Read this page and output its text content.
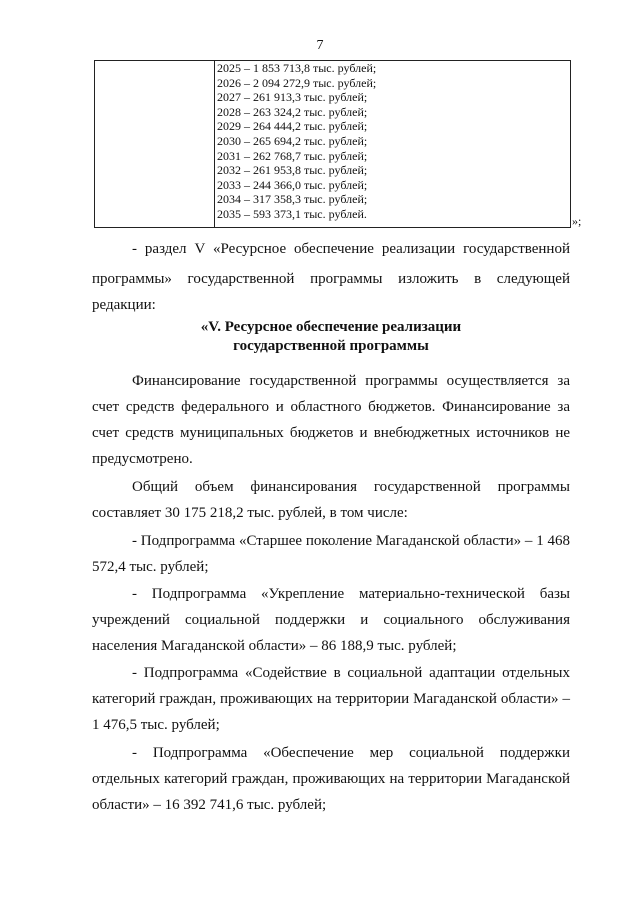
7
2025 – 1 853 713,8 тыс. рублей;
2026 – 2 094 272,9 тыс. рублей;
2027 – 261 913,3 тыс. рублей;
2028 – 263 324,2 тыс. рублей;
2029 – 264 444,2 тыс. рублей;
2030 – 265 694,2 тыс. рублей;
2031 – 262 768,7 тыс. рублей;
2032 – 261 953,8 тыс. рублей;
2033 – 244 366,0 тыс. рублей;
2034 – 317 358,3 тыс. рублей;
2035 – 593 373,1 тыс. рублей.
»;
- раздел V «Ресурсное обеспечение реализации государственной
программы» государственной программы изложить в следующей
редакции:
«V. Ресурсное обеспечение реализации
государственной программы

Финансирование государственной программы осуществляется за счет средств федерального и областного бюджетов. Финансирование за счет средств муниципальных бюджетов и внебюджетных источников не предусмотрено.

Общий объем финансирования государственной программы составляет 30 175 218,2 тыс. рублей, в том числе:

- Подпрограмма «Старшее поколение Магаданской области» – 1 468 572,4 тыс. рублей;

- Подпрограмма «Укрепление материально-технической базы учреждений социальной поддержки и социального обслуживания населения Магаданской области» – 86 188,9 тыс. рублей;

- Подпрограмма «Содействие в социальной адаптации отдельных категорий граждан, проживающих на территории Магаданской области» – 1 476,5 тыс. рублей;

- Подпрограмма «Обеспечение мер социальной поддержки отдельных категорий граждан, проживающих на территории Магаданской области» – 16 392 741,6 тыс. рублей;
